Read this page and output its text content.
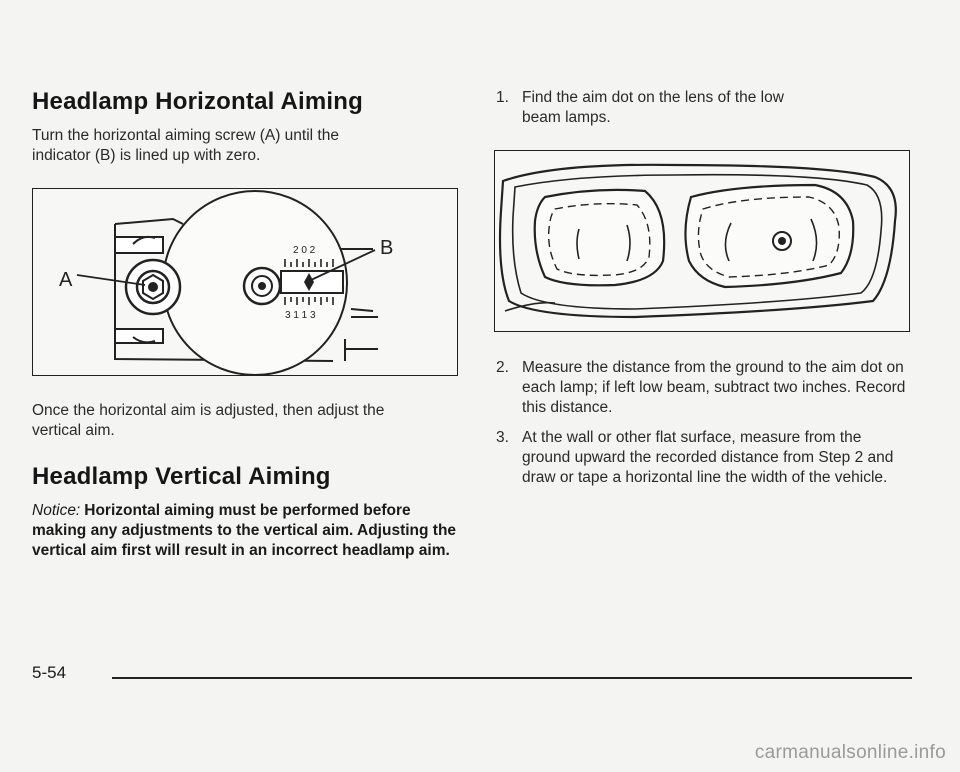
Headlamp Horizontal Aiming

Turn the horizontal aiming screw (A) until the indicator (B) is lined up with zero.

2 0 2
3 1 1 3
A
B

Once the horizontal aim is adjusted, then adjust the vertical aim.

Headlamp Vertical Aiming
Notice: Horizontal aiming must be performed before making any adjustments to the vertical aim. Adjusting the vertical aim first will result in an incorrect headlamp aim.
1. Find the aim dot on the lens of the low beam lamps.
2. Measure the distance from the ground to the aim dot on each lamp; if left low beam, subtract two inches. Record this distance.
3. At the wall or other flat surface, measure from the ground upward the recorded distance from Step 2 and draw or tape a horizontal line the width of the vehicle.
5-54
carmanualsonline.info
